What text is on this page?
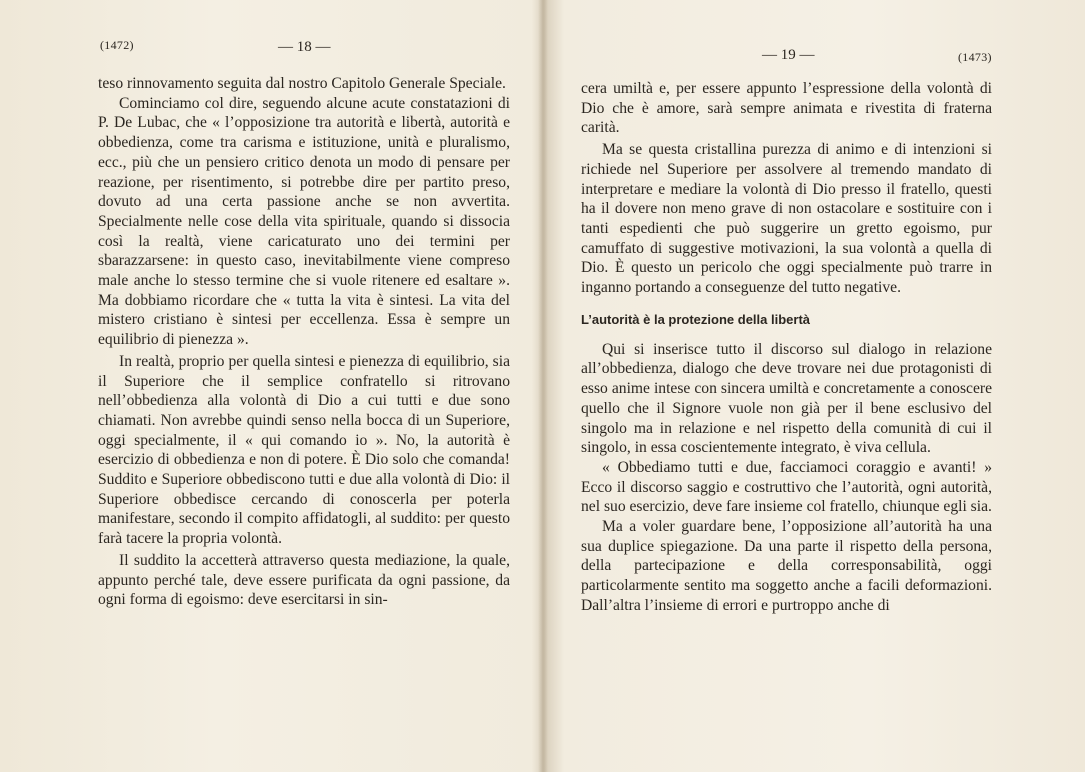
(1472)	— 18 —

teso rinnovamento seguita dal nostro Capitolo Generale Speciale.

Cominciamo col dire, seguendo alcune acute constatazioni di P. De Lubac, che « l’opposizione tra autorità e libertà, autorità e obbedienza, come tra carisma e istituzione, unità e pluralismo, ecc., più che un pensiero critico denota un modo di pensare per reazione, per risentimento, si potrebbe dire per partito preso, dovuto ad una certa passione anche se non avvertita. Specialmente nelle cose della vita spirituale, quando si dissocia così la realtà, viene caricaturato uno dei termini per sbarazzarsene: in questo caso, inevitabilmente viene compreso male anche lo stesso termine che si vuole ritenere ed esaltare ». Ma dobbiamo ricordare che « tutta la vita è sintesi. La vita del mistero cristiano è sintesi per eccellenza. Essa è sempre un equilibrio di pienezza ».

In realtà, proprio per quella sintesi e pienezza di equilibrio, sia il Superiore che il semplice confratello si ritrovano nell’obbedienza alla volontà di Dio a cui tutti e due sono chiamati. Non avrebbe quindi senso nella bocca di un Superiore, oggi specialmente, il « qui comando io ». No, la autorità è esercizio di obbedienza e non di potere. È Dio solo che comanda! Suddito e Superiore obbediscono tutti e due alla volontà di Dio: il Superiore obbedisce cercando di conoscerla per poterla manifestare, secondo il compito affidatogli, al suddito: per questo farà tacere la propria volontà.

Il suddito la accetterà attraverso questa mediazione, la quale, appunto perché tale, deve essere purificata da ogni passione, da ogni forma di egoismo: deve esercitarsi in sin-

— 19 —	(1473)

cera umiltà e, per essere appunto l’espressione della volontà di Dio che è amore, sarà sempre animata e rivestita di fraterna carità.

Ma se questa cristallina purezza di animo e di intenzioni si richiede nel Superiore per assolvere al tremendo mandato di interpretare e mediare la volontà di Dio presso il fratello, questi ha il dovere non meno grave di non ostacolare e sostituire con i tanti espedienti che può suggerire un gretto egoismo, pur camuffato di suggestive motivazioni, la sua volontà a quella di Dio. È questo un pericolo che oggi specialmente può trarre in inganno portando a conseguenze del tutto negative.

L’autorità è la protezione della libertà

Qui si inserisce tutto il discorso sul dialogo in relazione all’obbedienza, dialogo che deve trovare nei due protagonisti di esso anime intese con sincera umiltà e concretamente a conoscere quello che il Signore vuole non già per il bene esclusivo del singolo ma in relazione e nel rispetto della comunità di cui il singolo, in essa coscientemente integrato, è viva cellula.

« Obbediamo tutti e due, facciamoci coraggio e avanti! » Ecco il discorso saggio e costruttivo che l’autorità, ogni autorità, nel suo esercizio, deve fare insieme col fratello, chiunque egli sia.

Ma a voler guardare bene, l’opposizione all’autorità ha una sua duplice spiegazione. Da una parte il rispetto della persona, della partecipazione e della corresponsabilità, oggi particolarmente sentito ma soggetto anche a facili deformazioni. Dall’altra l’insieme di errori e purtroppo anche di
